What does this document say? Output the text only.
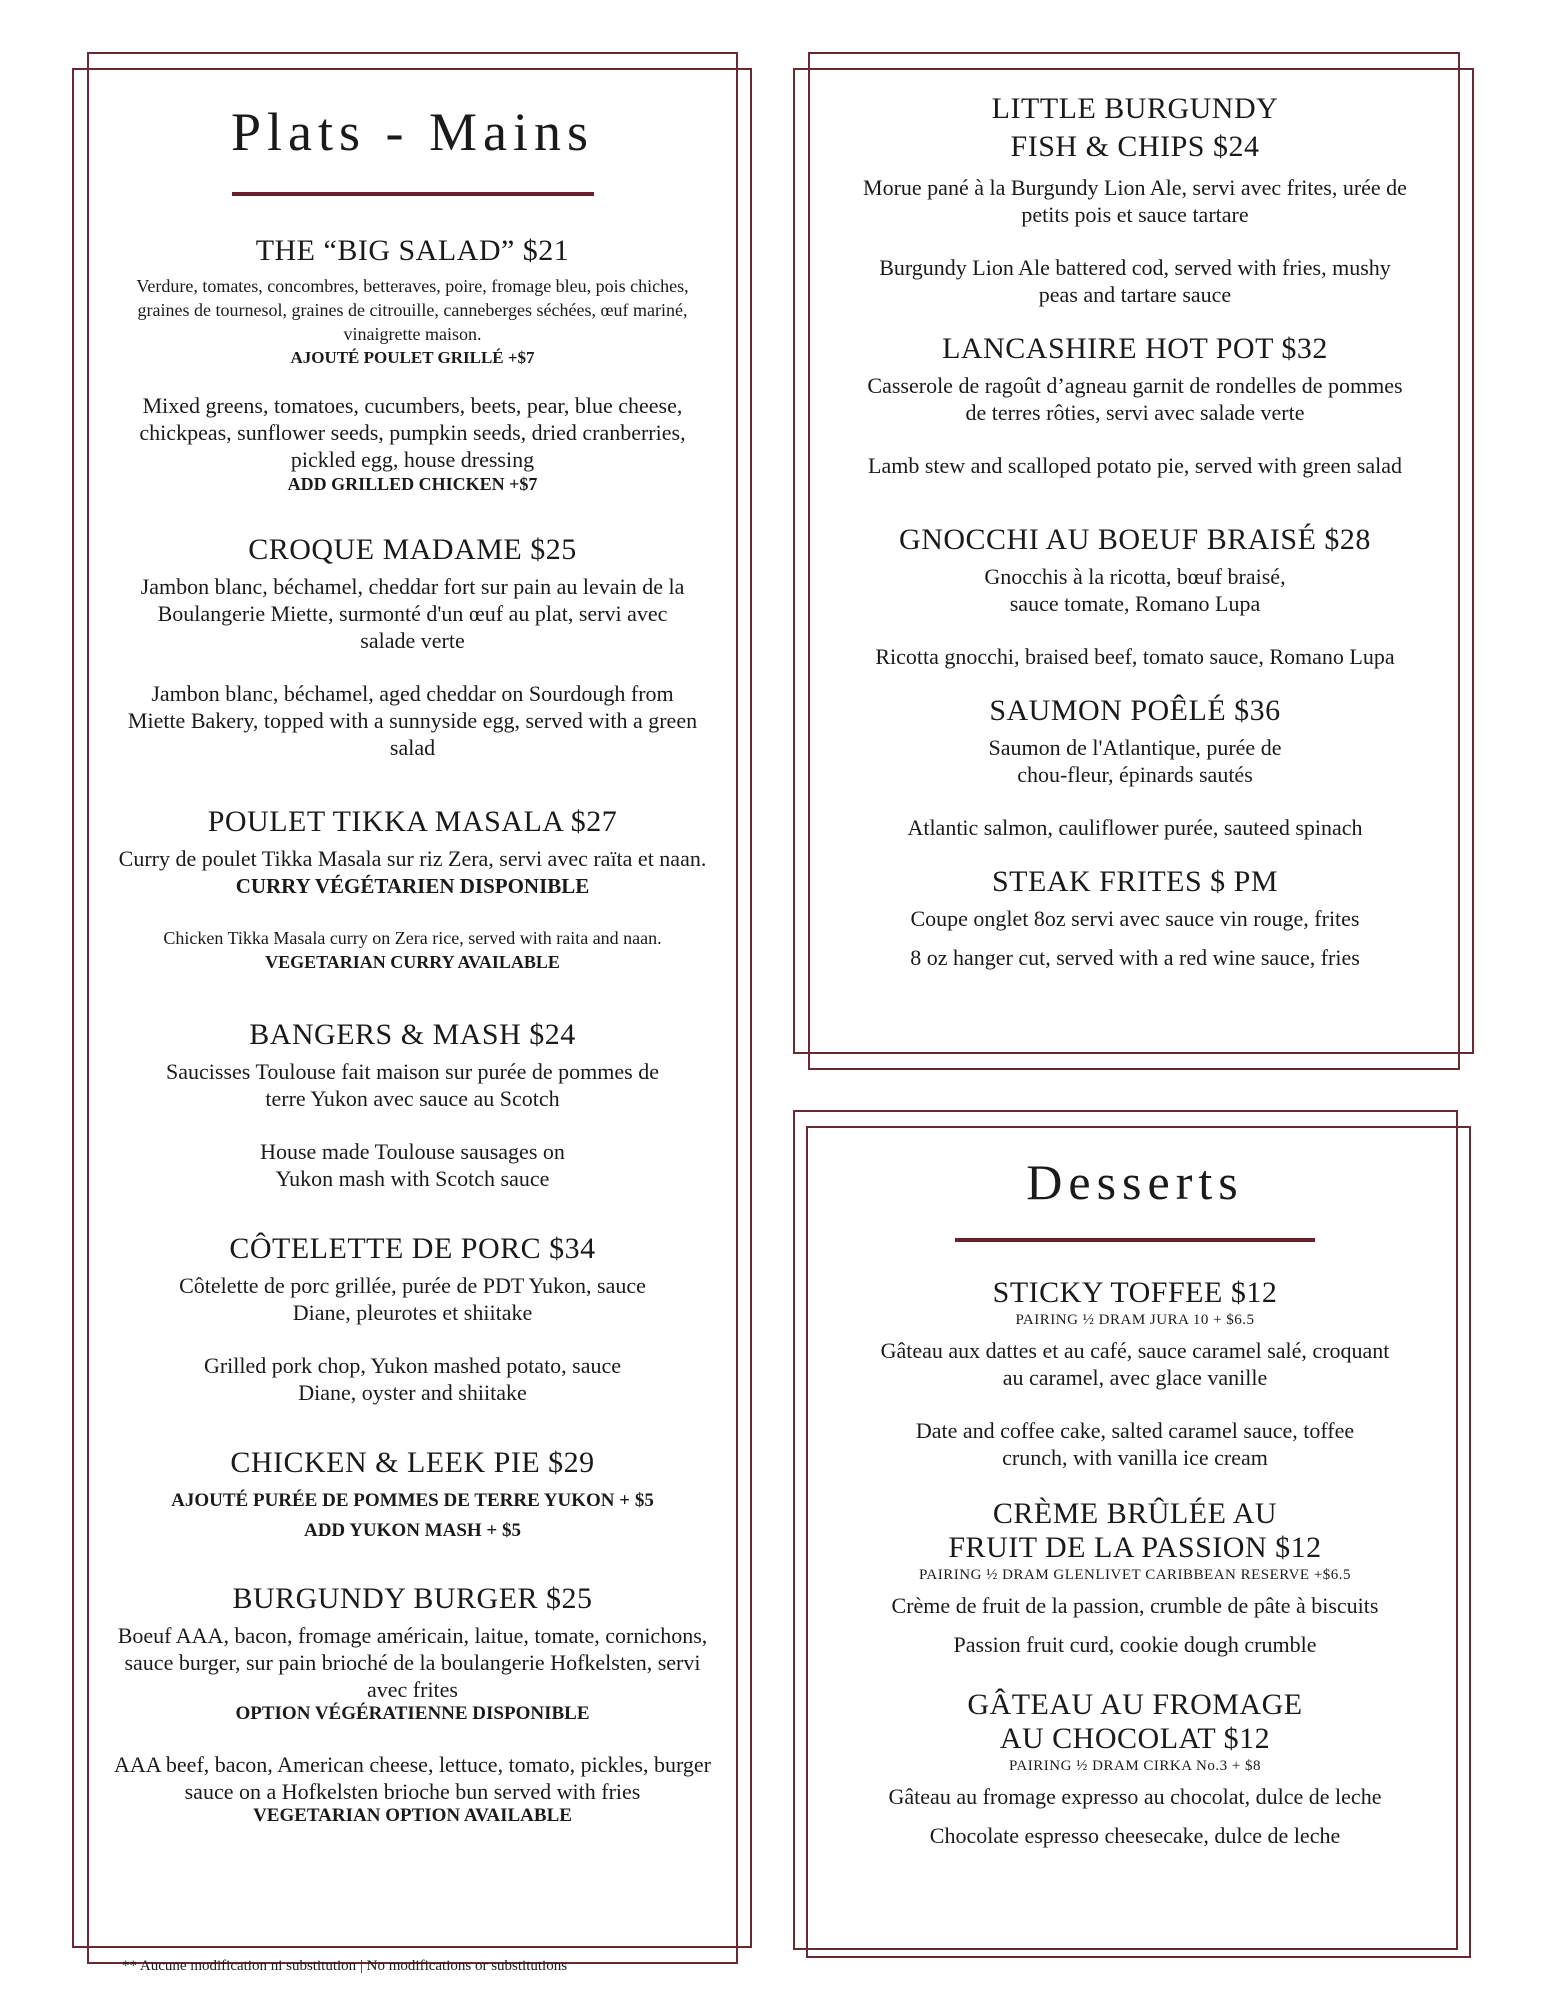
Plats - Mains
THE “BIG SALAD” $21

Verdure, tomates, concombres, betteraves, poire, fromage bleu, pois chiches, graines de tournesol, graines de citrouille, canneberges séchées, œuf mariné, vinaigrette maison.

AJOUTÉ POULET GRILLÉ +$7

Mixed greens, tomatoes, cucumbers, beets, pear, blue cheese, chickpeas, sunflower seeds, pumpkin seeds, dried cranberries, pickled egg, house dressing

ADD GRILLED CHICKEN +$7

CROQUE MADAME $25

Jambon blanc, béchamel, cheddar fort sur pain au levain de la Boulangerie Miette, surmonté d'un œuf au plat, servi avec salade verte

Jambon blanc, béchamel, aged cheddar on Sourdough from Miette Bakery, topped with a sunnyside egg, served with a green salad

POULET TIKKA MASALA $27

Curry de poulet Tikka Masala sur riz Zera, servi avec raïta et naan. CURRY VÉGÉTARIEN DISPONIBLE

Chicken Tikka Masala curry on Zera rice, served with raita and naan. VEGETARIAN CURRY AVAILABLE

BANGERS & MASH $24

Saucisses Toulouse fait maison sur purée de pommes de terre Yukon avec sauce au Scotch

House made Toulouse sausages on Yukon mash with Scotch sauce

CÔTELETTE DE PORC $34

Côtelette de porc grillée, purée de PDT Yukon, sauce Diane, pleurotes et shiitake

Grilled pork chop, Yukon mashed potato, sauce Diane, oyster and shiitake

CHICKEN & LEEK PIE $29

AJOUTÉ PURÉE DE POMMES DE TERRE YUKON + $5

ADD YUKON MASH + $5

BURGUNDY BURGER $25

Boeuf AAA, bacon, fromage américain, laitue, tomate, cornichons, sauce burger, sur pain brioché de la boulangerie Hofkelsten, servi avec frites

OPTION VÉGÉRATIENNE DISPONIBLE

AAA beef, bacon, American cheese, lettuce, tomato, pickles, burger sauce on a Hofkelsten brioche bun served with fries

VEGETARIAN OPTION AVAILABLE

** Aucune modification ni substitution | No modifications or substitutions
LITTLE BURGUNDY
FISH & CHIPS $24

Morue pané à la Burgundy Lion Ale, servi avec frites, urée de petits pois et sauce tartare

Burgundy Lion Ale battered cod, served with fries, mushy peas and tartare sauce

LANCASHIRE HOT POT $32

Casserole de ragoût d’agneau garnit de rondelles de pommes de terres rôties, servi avec salade verte

Lamb stew and scalloped potato pie, served with green salad

GNOCCHI AU BOEUF BRAISÉ $28

Gnocchis à la ricotta, bœuf braisé, sauce tomate, Romano Lupa

Ricotta gnocchi, braised beef, tomato sauce, Romano Lupa

SAUMON POÊLÉ $36

Saumon de l'Atlantique, purée de chou-fleur, épinards sautés

Atlantic salmon, cauliflower purée, sauteed spinach

STEAK FRITES $ PM

Coupe onglet 8oz servi avec sauce vin rouge, frites

8 oz hanger cut, served with a red wine sauce, fries

Desserts
STICKY TOFFEE $12

PAIRING ½ DRAM JURA 10 + $6.5

Gâteau aux dattes et au café, sauce caramel salé, croquant au caramel, avec glace vanille

Date and coffee cake, salted caramel sauce, toffee crunch, with vanilla ice cream

CRÈME BRÛLÉE AU
FRUIT DE LA PASSION $12

PAIRING ½ DRAM GLENLIVET CARIBBEAN RESERVE +$6.5

Crème de fruit de la passion, crumble de pâte à biscuits

Passion fruit curd, cookie dough crumble

GÂTEAU AU FROMAGE
AU CHOCOLAT $12

PAIRING ½ DRAM CIRKA No.3 + $8

Gâteau au fromage expresso au chocolat, dulce de leche

Chocolate espresso cheesecake, dulce de leche
